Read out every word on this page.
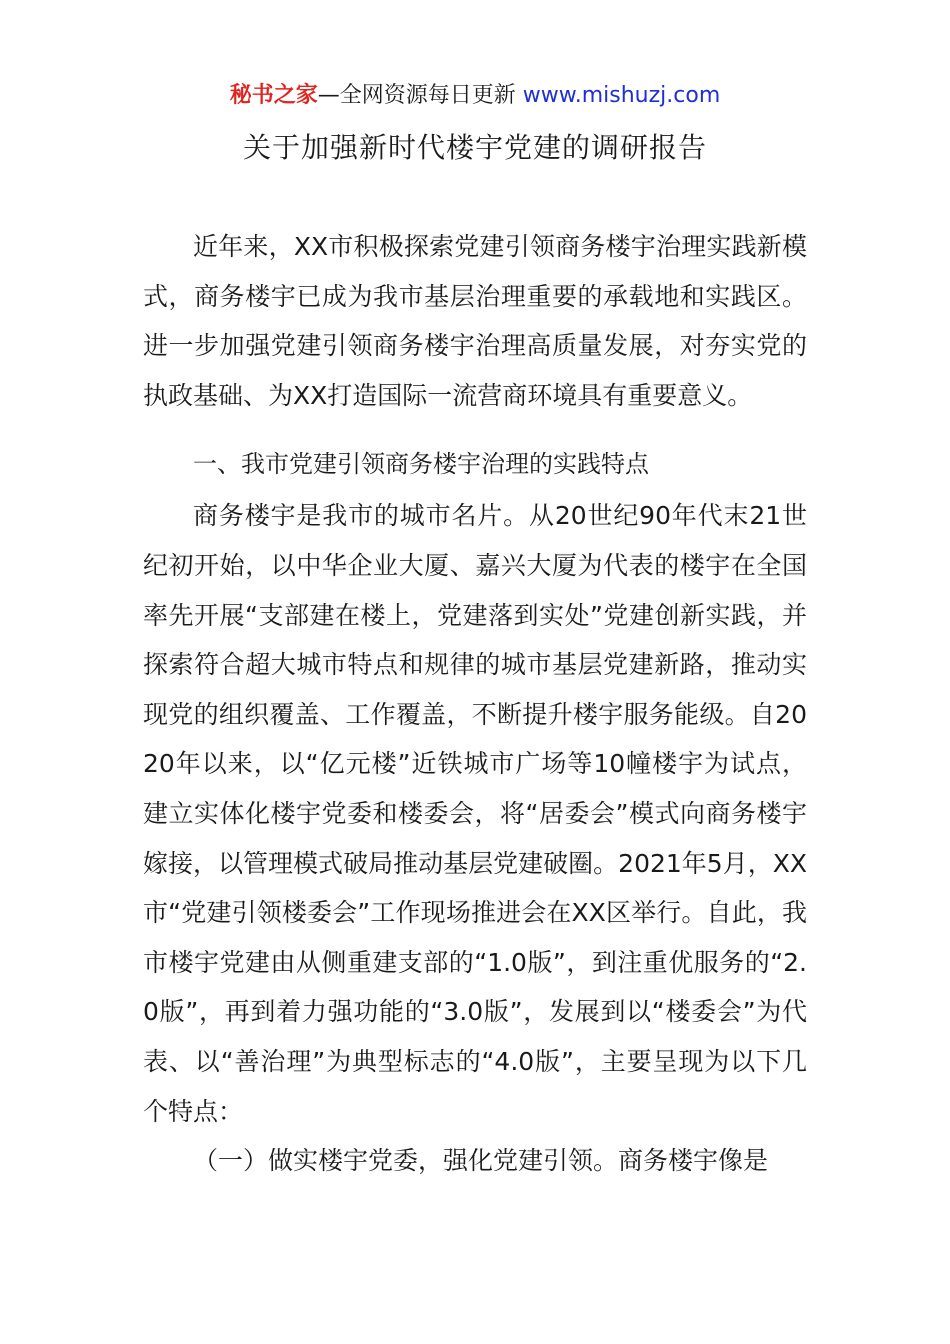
秘书之家—全网资源每日更新 www.mishuzj.com
关于加强新时代楼宇党建的调研报告

近年来，XX市积极探索党建引领商务楼宇治理实践新模式，商务楼宇已成为我市基层治理重要的承载地和实践区。进一步加强党建引领商务楼宇治理高质量发展，对夯实党的执政基础、为XX打造国际一流营商环境具有重要意义。

一、我市党建引领商务楼宇治理的实践特点

商务楼宇是我市的城市名片。从20世纪90年代末21世纪初开始，以中华企业大厦、嘉兴大厦为代表的楼宇在全国率先开展“支部建在楼上，党建落到实处”党建创新实践，并探索符合超大城市特点和规律的城市基层党建新路，推动实现党的组织覆盖、工作覆盖，不断提升楼宇服务能级。自2020年以来，以“亿元楼”近铁城市广场等10幢楼宇为试点，建立实体化楼宇党委和楼委会，将“居委会”模式向商务楼宇嫁接，以管理模式破局推动基层党建破圈。2021年5月，XX市“党建引领楼委会”工作现场推进会在XX区举行。自此，我市楼宇党建由从侧重建支部的“1.0版”，到注重优服务的“2.0版”，再到着力强功能的“3.0版”，发展到以“楼委会”为代表、以“善治理”为典型标志的“4.0版”，主要呈现为以下几个特点：

（一）做实楼宇党委，强化党建引领。商务楼宇像是
